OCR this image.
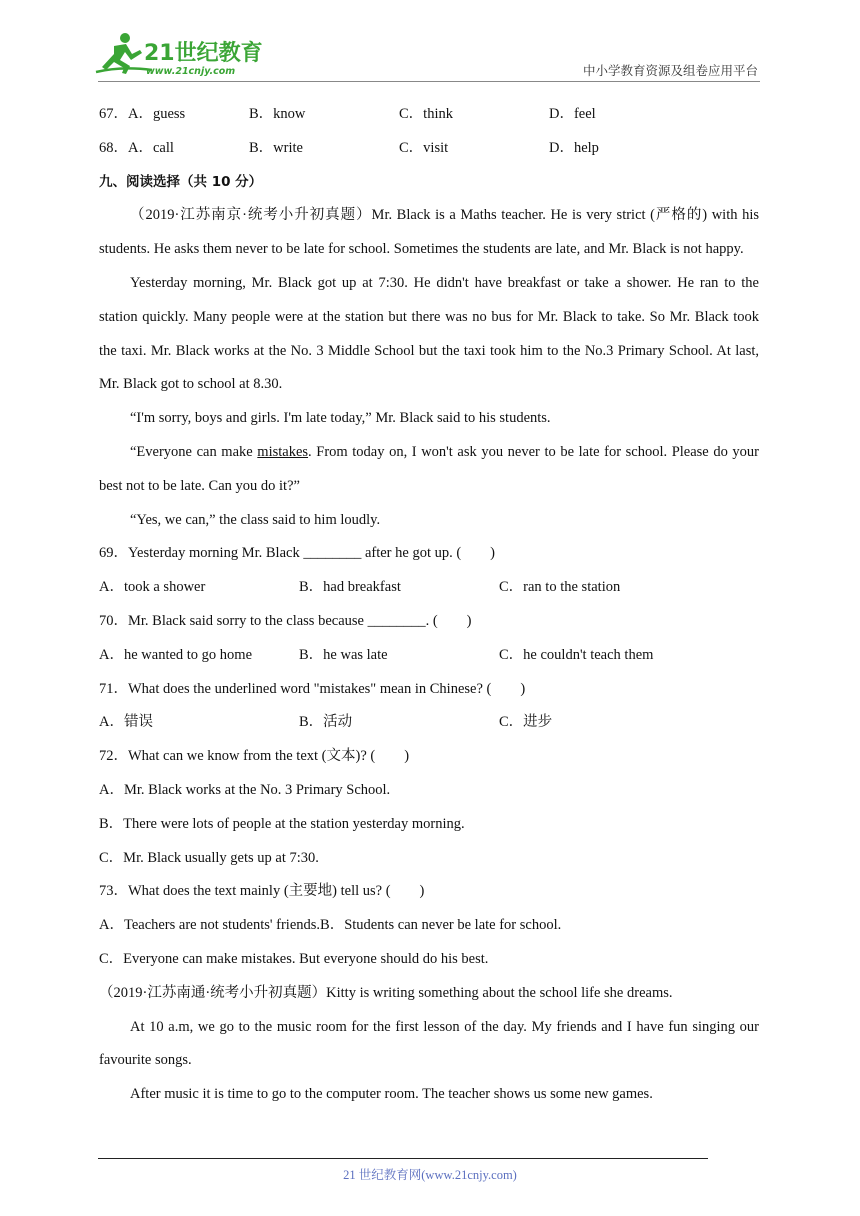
21世纪教育
www.21cnjy.com	中小学教育资源及组卷应用平台
67．A．guess	B．know	C．think	D．feel
68．A．call	B．write	C．visit	D．help
九、阅读选择（共 10 分）
（2019·江苏南京·统考小升初真题）Mr. Black is a Maths teacher. He is very strict (严格的) with his students. He asks them never to be late for school. Sometimes the students are late, and Mr. Black is not happy.
Yesterday morning, Mr. Black got up at 7:30. He didn't have breakfast or take a shower. He ran to the station quickly. Many people were at the station but there was no bus for Mr. Black to take. So Mr. Black took the taxi. Mr. Black works at the No. 3 Middle School but the taxi took him to the No.3 Primary School. At last, Mr. Black got to school at 8.30.
“I'm sorry, boys and girls. I'm late today,” Mr. Black said to his students.
“Everyone can make mistakes. From today on, I won't ask you never to be late for school. Please do your best not to be late. Can you do it?”
“Yes, we can,” the class said to him loudly.
69．Yesterday morning Mr. Black ________ after he got up. (　　)
A．took a shower	B．had breakfast	C．ran to the station
70．Mr. Black said sorry to the class because ________. (　　)
A．he wanted to go home	B．he was late	C．he couldn't teach them
71．What does the underlined word "mistakes" mean in Chinese? (　　)
A．错误	B．活动	C．进步
72．What can we know from the text (文本)? (　　)
A．Mr. Black works at the No. 3 Primary School.
B．There were lots of people at the station yesterday morning.
C．Mr. Black usually gets up at 7:30.
73．What does the text mainly (主要地) tell us? (　　)
A．Teachers are not students' friends.B．Students can never be late for school.
C．Everyone can make mistakes. But everyone should do his best.
（2019·江苏南通·统考小升初真题）Kitty is writing something about the school life she dreams.
At 10 a.m, we go to the music room for the first lesson of the day. My friends and I have fun singing our favourite songs.
After music it is time to go to the computer room. The teacher shows us some new games.
21 世纪教育网(www.21cnjy.com)
